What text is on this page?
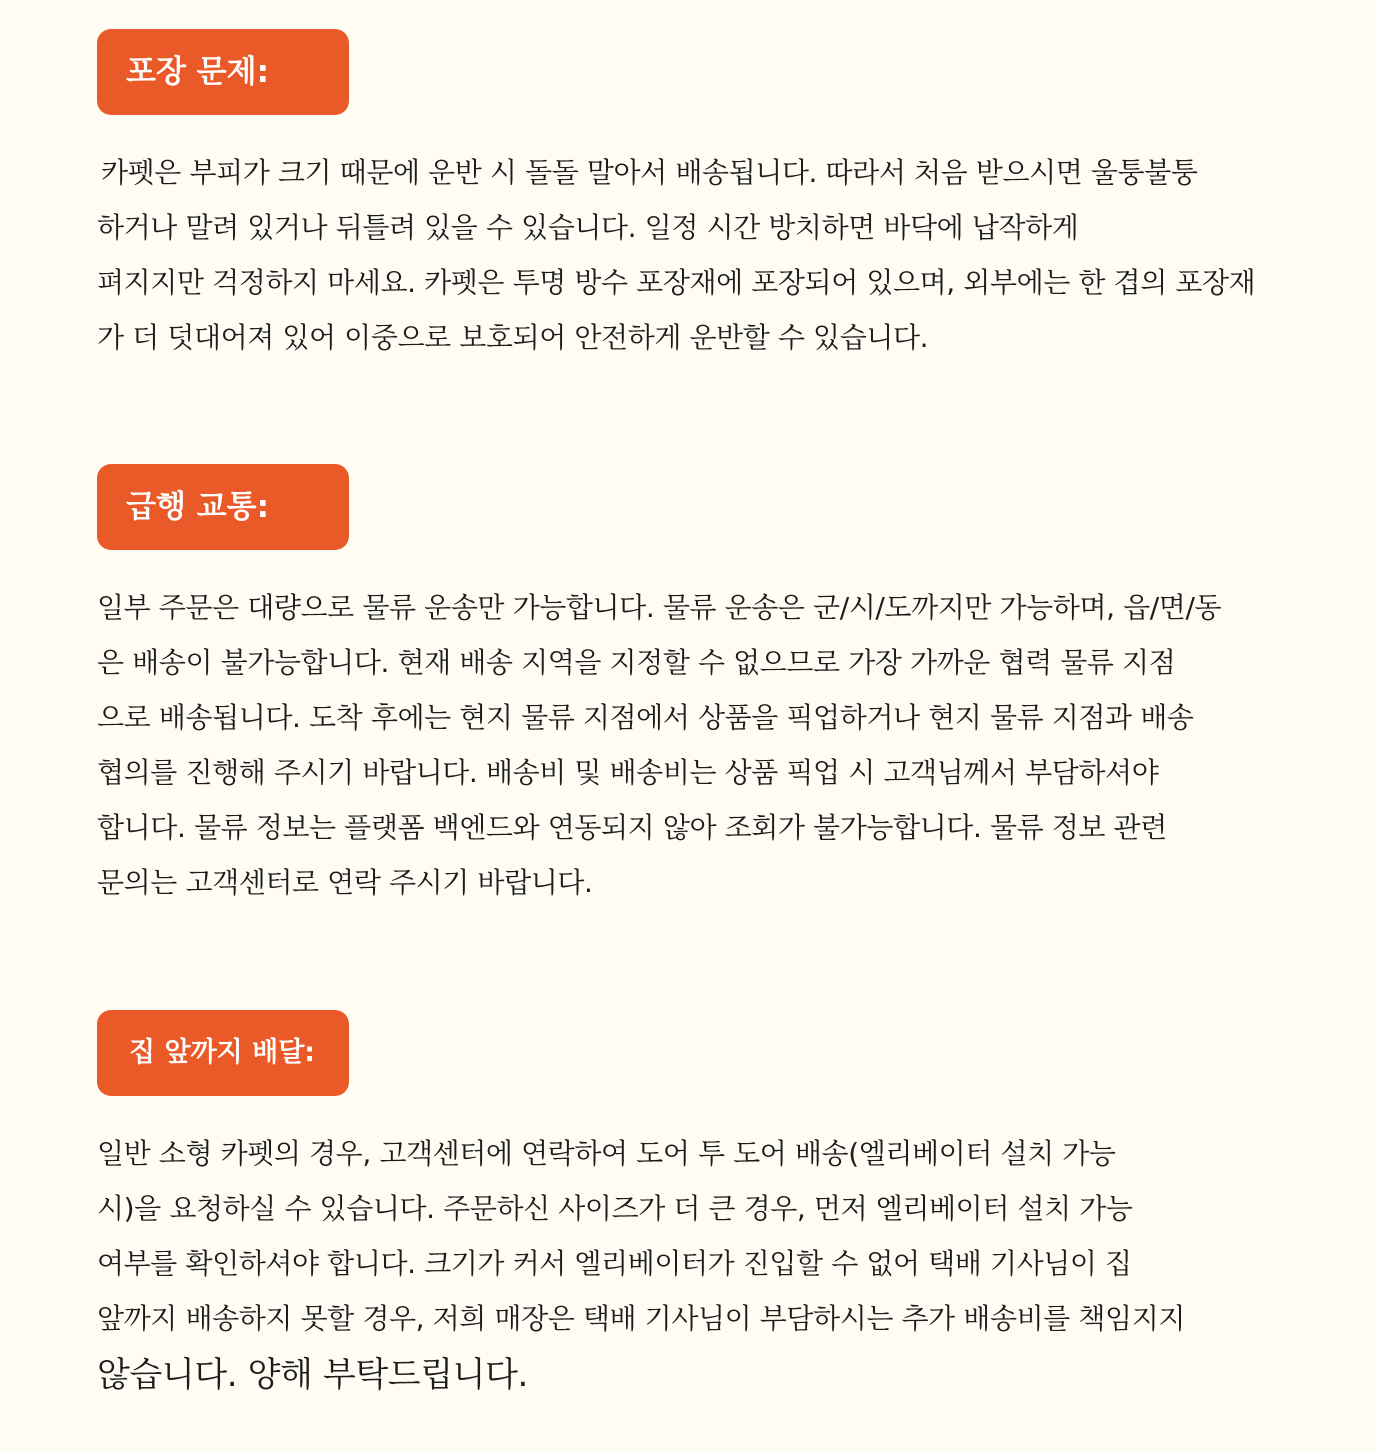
포장 문제:
카펫은 부피가 크기 때문에 운반 시 돌돌 말아서 배송됩니다. 따라서 처음 받으시면 울퉁불퉁
하거나 말려 있거나 뒤틀려 있을 수 있습니다. 일정 시간 방치하면 바닥에 납작하게
펴지지만 걱정하지 마세요. 카펫은 투명 방수 포장재에 포장되어 있으며, 외부에는 한 겹의 포장재
가 더 덧대어져 있어 이중으로 보호되어 안전하게 운반할 수 있습니다.
급행 교통:
일부 주문은 대량으로 물류 운송만 가능합니다. 물류 운송은 군/시/도까지만 가능하며, 읍/면/동
은 배송이 불가능합니다. 현재 배송 지역을 지정할 수 없으므로 가장 가까운 협력 물류 지점
으로 배송됩니다. 도착 후에는 현지 물류 지점에서 상품을 픽업하거나 현지 물류 지점과 배송
협의를 진행해 주시기 바랍니다. 배송비 및 배송비는 상품 픽업 시 고객님께서 부담하셔야
합니다. 물류 정보는 플랫폼 백엔드와 연동되지 않아 조회가 불가능합니다. 물류 정보 관련
문의는 고객센터로 연락 주시기 바랍니다.
집 앞까지 배달:
일반 소형 카펫의 경우, 고객센터에 연락하여 도어 투 도어 배송(엘리베이터 설치 가능
시)을 요청하실 수 있습니다. 주문하신 사이즈가 더 큰 경우, 먼저 엘리베이터 설치 가능
여부를 확인하셔야 합니다. 크기가 커서 엘리베이터가 진입할 수 없어 택배 기사님이 집
앞까지 배송하지 못할 경우, 저희 매장은 택배 기사님이 부담하시는 추가 배송비를 책임지지
않습니다. 양해 부탁드립니다.
